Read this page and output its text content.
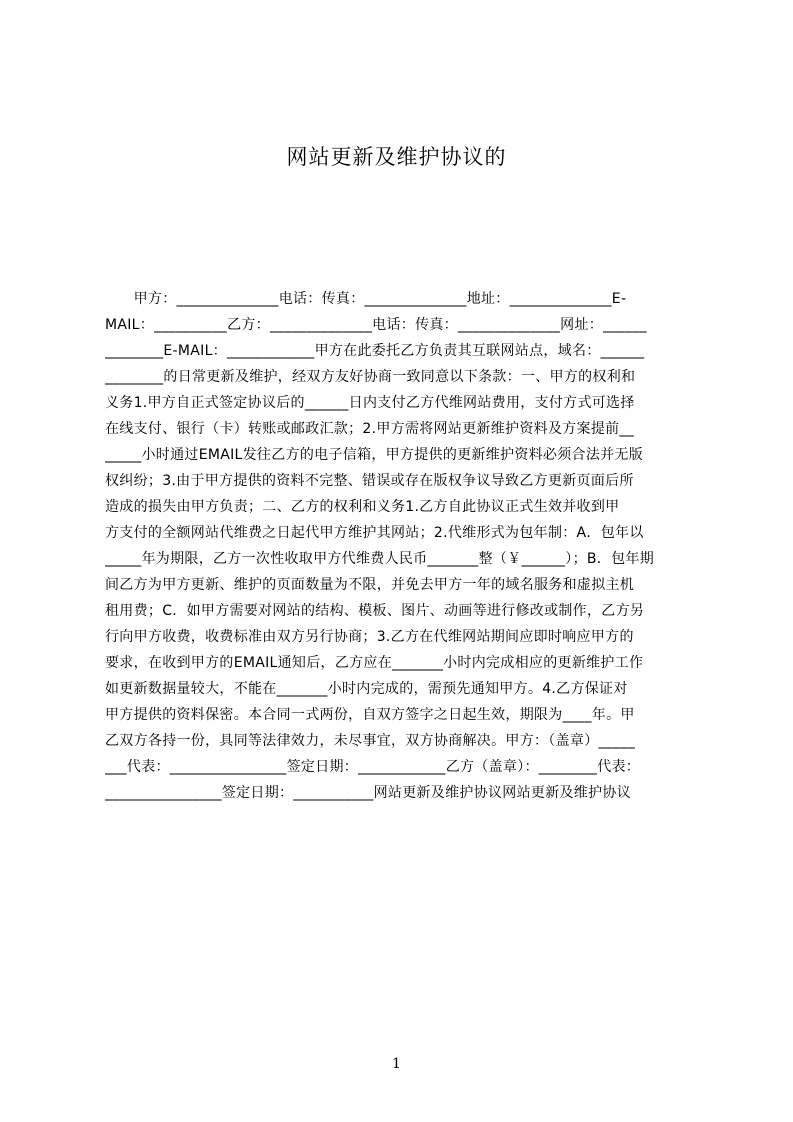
网站更新及维护协议的
　　甲方：______________电话：传真：______________地址：______________E-
MAIL：__________乙方：______________电话：传真：______________网址：______
________E-MAIL：____________甲方在此委托乙方负责其互联网站点，域名：______
________的日常更新及维护，经双方友好协商一致同意以下条款：一、甲方的权利和
义务1.甲方自正式签定协议后的______日内支付乙方代维网站费用，支付方式可选择
在线支付、银行（卡）转账或邮政汇款；2.甲方需将网站更新维护资料及方案提前__
_____小时通过EMAIL发往乙方的电子信箱，甲方提供的更新维护资料必须合法并无版
权纠纷；3.由于甲方提供的资料不完整、错误或存在版权争议导致乙方更新页面后所
造成的损失由甲方负责；二、乙方的权利和义务1.乙方自此协议正式生效并收到甲
方支付的全额网站代维费之日起代甲方维护其网站；2.代维形式为包年制：A．包年以
_____年为期限，乙方一次性收取甲方代维费人民币_______整（￥______）；B．包年期
间乙方为甲方更新、维护的页面数量为不限，并免去甲方一年的域名服务和虚拟主机
租用费；C．如甲方需要对网站的结构、模板、图片、动画等进行修改或制作，乙方另
行向甲方收费，收费标准由双方另行协商；3.乙方在代维网站期间应即时响应甲方的
要求，在收到甲方的EMAIL通知后，乙方应在_______小时内完成相应的更新维护工作
如更新数据量较大，不能在_______小时内完成的，需预先通知甲方。4.乙方保证对
甲方提供的资料保密。本合同一式两份，自双方签字之日起生效，期限为____年。甲
乙双方各持一份，具同等法律效力，未尽事宜，双方协商解决。甲方：（盖章）_____
___代表：________________签定日期：____________乙方（盖章）：________代表：
________________签定日期：___________网站更新及维护协议网站更新及维护协议
1
